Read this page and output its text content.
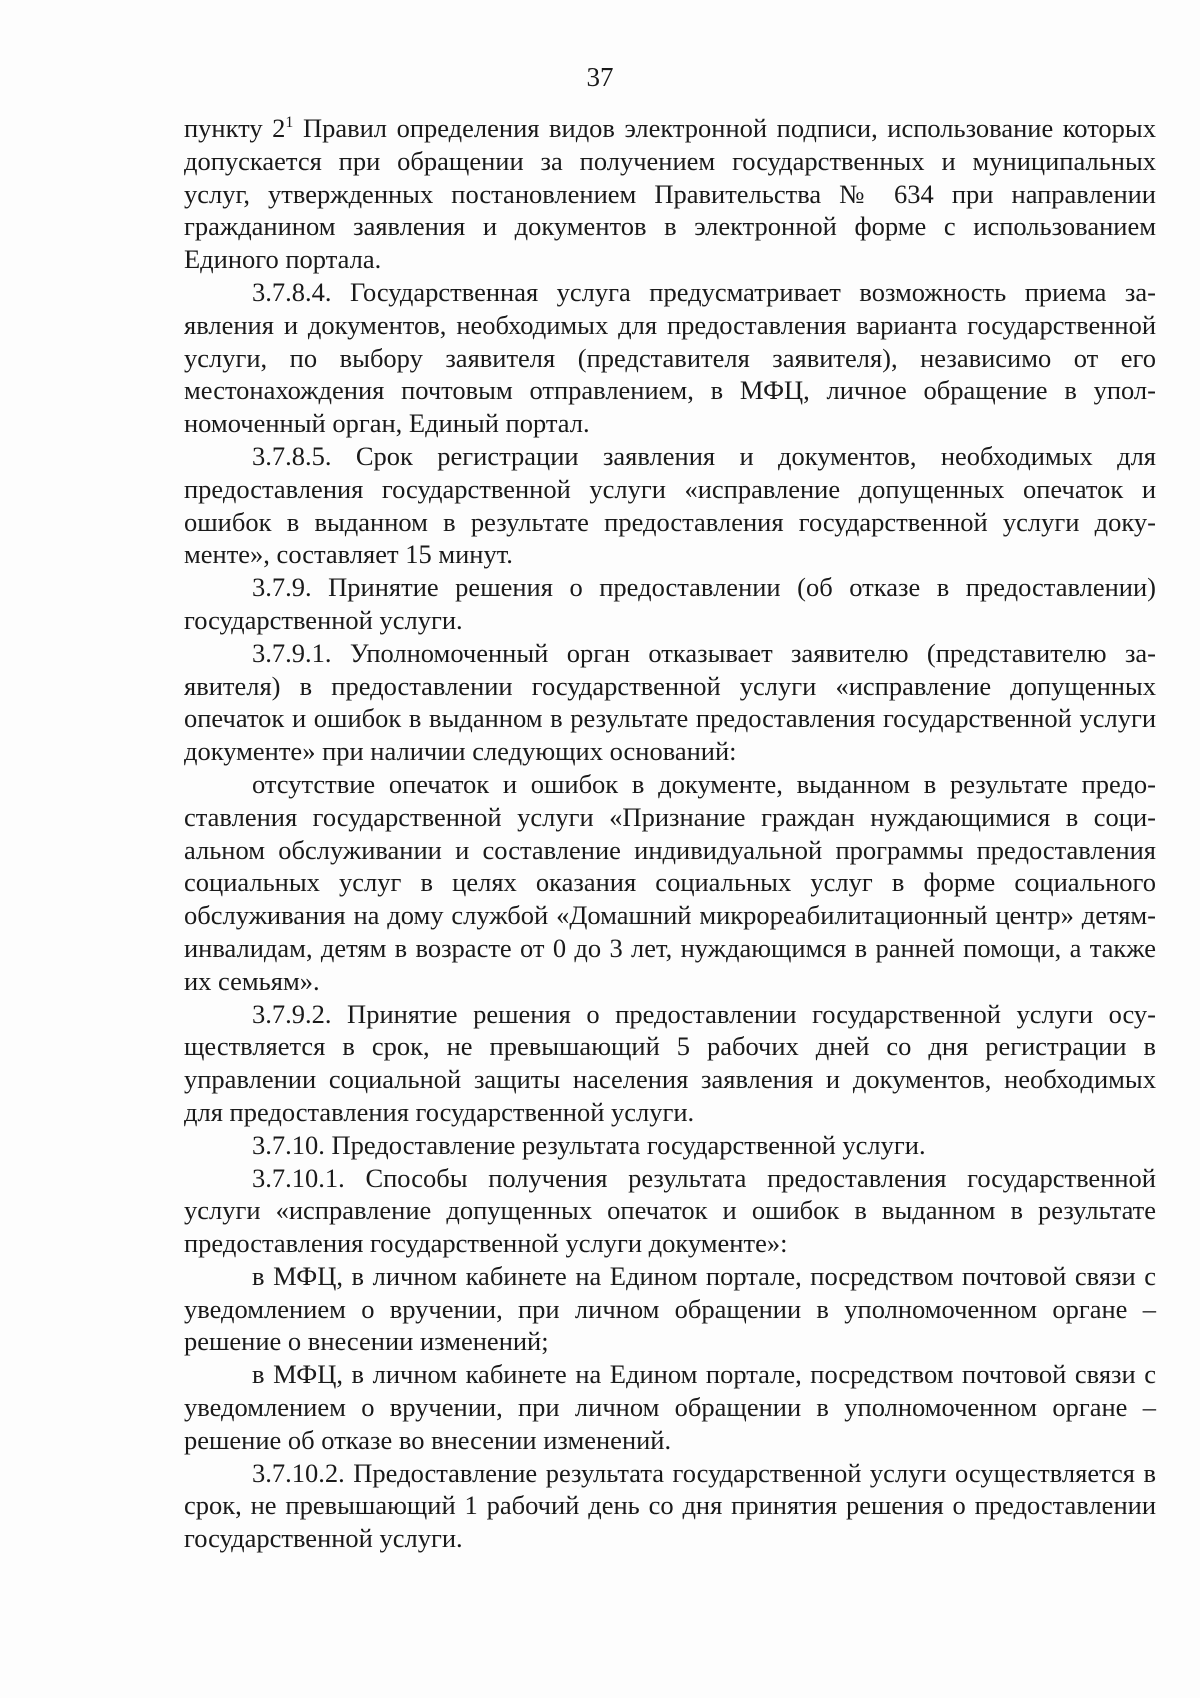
37

пункту $2^1$ Правил определения видов электронной подписи, использование которых допускается при обращении за получением государственных и муниципальных услуг, утвержденных постановлением Правительства № 634 при направлении гражданином заявления и документов в электронной форме с использованием Единого портала.

3.7.8.4. Государственная услуга предусматривает возможность приема заявления и документов, необходимых для предоставления варианта государственной услуги, по выбору заявителя (представителя заявителя), независимо от его местонахождения почтовым отправлением, в МФЦ, личное обращение в уполномоченный орган, Единый портал.

3.7.8.5. Срок регистрации заявления и документов, необходимых для предоставления государственной услуги «исправление допущенных опечаток и ошибок в выданном в результате предоставления государственной услуги документе», составляет 15 минут.

3.7.9. Принятие решения о предоставлении (об отказе в предоставлении) государственной услуги.

3.7.9.1. Уполномоченный орган отказывает заявителю (представителю заявителя) в предоставлении государственной услуги «исправление допущенных опечаток и ошибок в выданном в результате предоставления государственной услуги документе» при наличии следующих оснований:

отсутствие опечаток и ошибок в документе, выданном в результате предоставления государственной услуги «Признание граждан нуждающимися в социальном обслуживании и составление индивидуальной программы предоставления социальных услуг в целях оказания социальных услуг в форме социального обслуживания на дому службой «Домашний микрореабилитационный центр» детям-инвалидам, детям в возрасте от 0 до 3 лет, нуждающимся в ранней помощи, а также их семьям».

3.7.9.2. Принятие решения о предоставлении государственной услуги осуществляется в срок, не превышающий 5 рабочих дней со дня регистрации в управлении социальной защиты населения заявления и документов, необходимых для предоставления государственной услуги.

3.7.10. Предоставление результата государственной услуги.

3.7.10.1. Способы получения результата предоставления государственной услуги «исправление допущенных опечаток и ошибок в выданном в результате предоставления государственной услуги документе»:

в МФЦ, в личном кабинете на Едином портале, посредством почтовой связи с уведомлением о вручении, при личном обращении в уполномоченном органе – решение о внесении изменений;

в МФЦ, в личном кабинете на Едином портале, посредством почтовой связи с уведомлением о вручении, при личном обращении в уполномоченном органе – решение об отказе во внесении изменений.

3.7.10.2. Предоставление результата государственной услуги осуществляется в срок, не превышающий 1 рабочий день со дня принятия решения о предоставлении государственной услуги.
